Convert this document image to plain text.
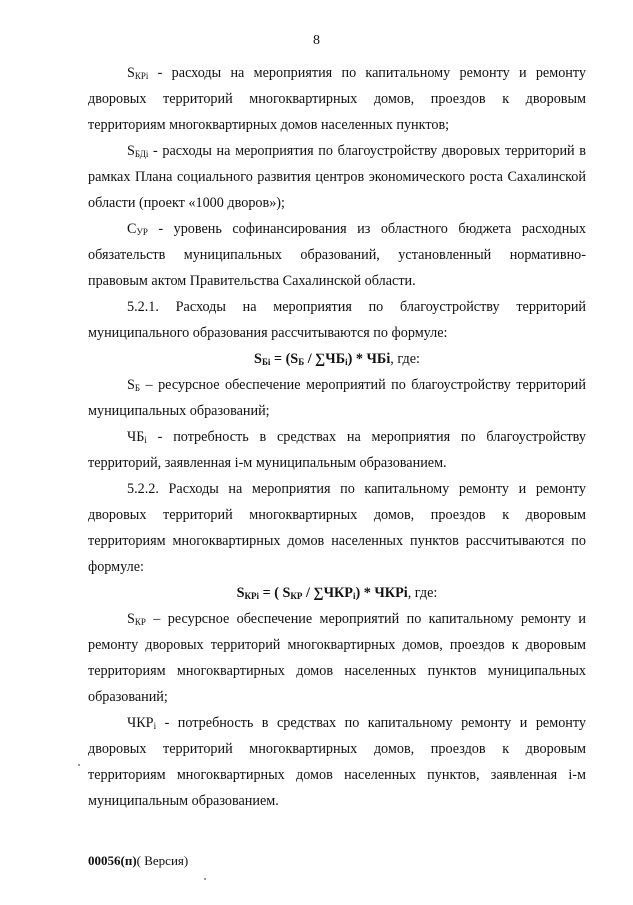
8

$S_{КРi}$ - расходы на мероприятия по капитальному ремонту и ремонту дворовых территорий многоквартирных домов, проездов к дворовым территориям многоквартирных домов населенных пунктов;

$S_{БДi}$ - расходы на мероприятия по благоустройству дворовых территорий в рамках Плана социального развития центров экономического роста Сахалинской области (проект «1000 дворов»);

$С_{УР}$ - уровень софинансирования из областного бюджета расходных обязательств муниципальных образований, установленный нормативно-правовым актом Правительства Сахалинской области.

5.2.1. Расходы на мероприятия по благоустройству территорий муниципального образования рассчитываются по формуле:

$S_{Бi} = (S_Б / \sum ЧБ_i)$ * ЧБi, где:

$S_Б$ – ресурсное обеспечение мероприятий по благоустройству территорий муниципальных образований;

$ЧБ_i$ - потребность в средствах на мероприятия по благоустройству территорий, заявленная i-м муниципальным образованием.

5.2.2. Расходы на мероприятия по капитальному ремонту и ремонту дворовых территорий многоквартирных домов, проездов к дворовым территориям многоквартирных домов населенных пунктов рассчитываются по формуле:

$S_{КРi}$ = ( $S_{КР} / \sum ЧКР_i$) * ЧКРi, где:

$S_{КР}$ – ресурсное обеспечение мероприятий по капитальному ремонту и ремонту дворовых территорий многоквартирных домов, проездов к дворовым территориям многоквартирных домов населенных пунктов муниципальных образований;

$ЧКР_i$ - потребность в средствах по капитальному ремонту и ремонту дворовых территорий многоквартирных домов, проездов к дворовым территориям многоквартирных домов населенных пунктов, заявленная i-м муниципальным образованием.

00056(п)( Версия)
